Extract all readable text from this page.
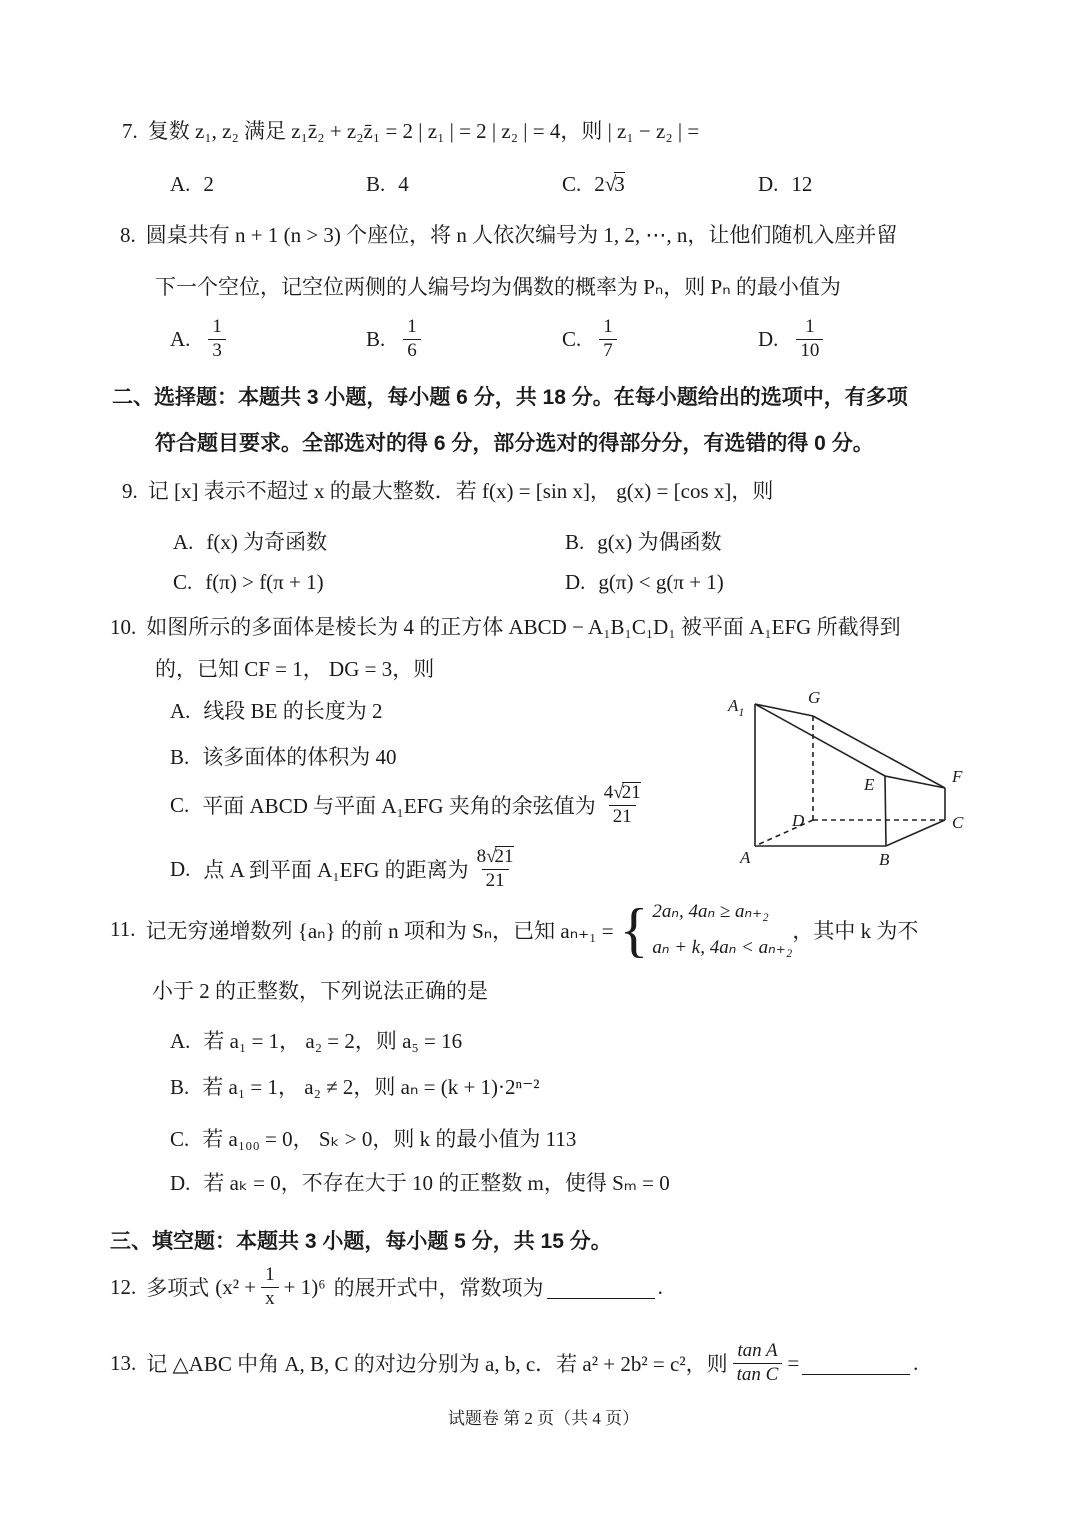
7. 复数 z₁, z₂ 满足 z₁z̄₂ + z₂z̄₁ = 2 | z₁ | = 2 | z₂ | = 4，则 | z₁ − z₂ | =
A. 2	B. 4	C. 2√3	D. 12
8. 圆桌共有 n + 1 (n > 3) 个座位，将 n 人依次编号为 1, 2, ⋯, n，让他们随机入座并留
下一个空位，记空位两侧的人编号均为偶数的概率为 Pₙ，则 Pₙ 的最小值为
A. $\frac{1}{3}$	B. $\frac{1}{6}$	C. $\frac{1}{7}$	D. $\frac{1}{10}$
二、选择题：本题共 3 小题，每小题 6 分，共 18 分。在每小题给出的选项中，有多项
符合题目要求。全部选对的得 6 分，部分选对的得部分分，有选错的得 0 分。
9. 记 [x] 表示不超过 x 的最大整数．若 f(x) = [sin x]， g(x) = [cos x]，则
A. f(x) 为奇函数	B. g(x) 为偶函数
C. f(π) > f(π + 1)	D. g(π) < g(π + 1)
10. 如图所示的多面体是棱长为 4 的正方体 ABCD − A₁B₁C₁D₁ 被平面 A₁EFG 所截得到
的，已知 CF = 1， DG = 3，则
A. 线段 BE 的长度为 2
B. 该多面体的体积为 40
C. 平面 ABCD 与平面 A₁EFG 夹角的余弦值为 $\frac{4√21}{21}$
D. 点 A 到平面 A₁EFG 的距离为 $\frac{8√21}{21}$
$A_1$
G
E	F
D	C
A	B
11. 记无穷递增数列 {aₙ} 的前 n 项和为 Sₙ，已知 aₙ₊₁ = { 2aₙ, 4aₙ ≥ aₙ₊₂
aₙ + k, 4aₙ < aₙ₊₂
，其中 k 为不
小于 2 的正整数，下列说法正确的是
A. 若 a₁ = 1， a₂ = 2，则 a₅ = 16
B. 若 a₁ = 1， a₂ ≠ 2，则 aₙ = (k + 1)·2ⁿ⁻²
C. 若 a₁₀₀ = 0， Sₖ > 0，则 k 的最小值为 113
D. 若 aₖ = 0，不存在大于 10 的正整数 m，使得 Sₘ = 0
三、填空题：本题共 3 小题，每小题 5 分，共 15 分。
12. 多项式 $(x^2 + \frac{1}{x} + 1)^6$ 的展开式中，常数项为	.
13. 记 △ABC 中角 A, B, C 的对边分别为 a, b, c．若 a² + 2b² = c²，则 $\frac{\text{tan A}}{\text{tan C}}$ =	.
试题卷 第 2 页（共 4 页）
